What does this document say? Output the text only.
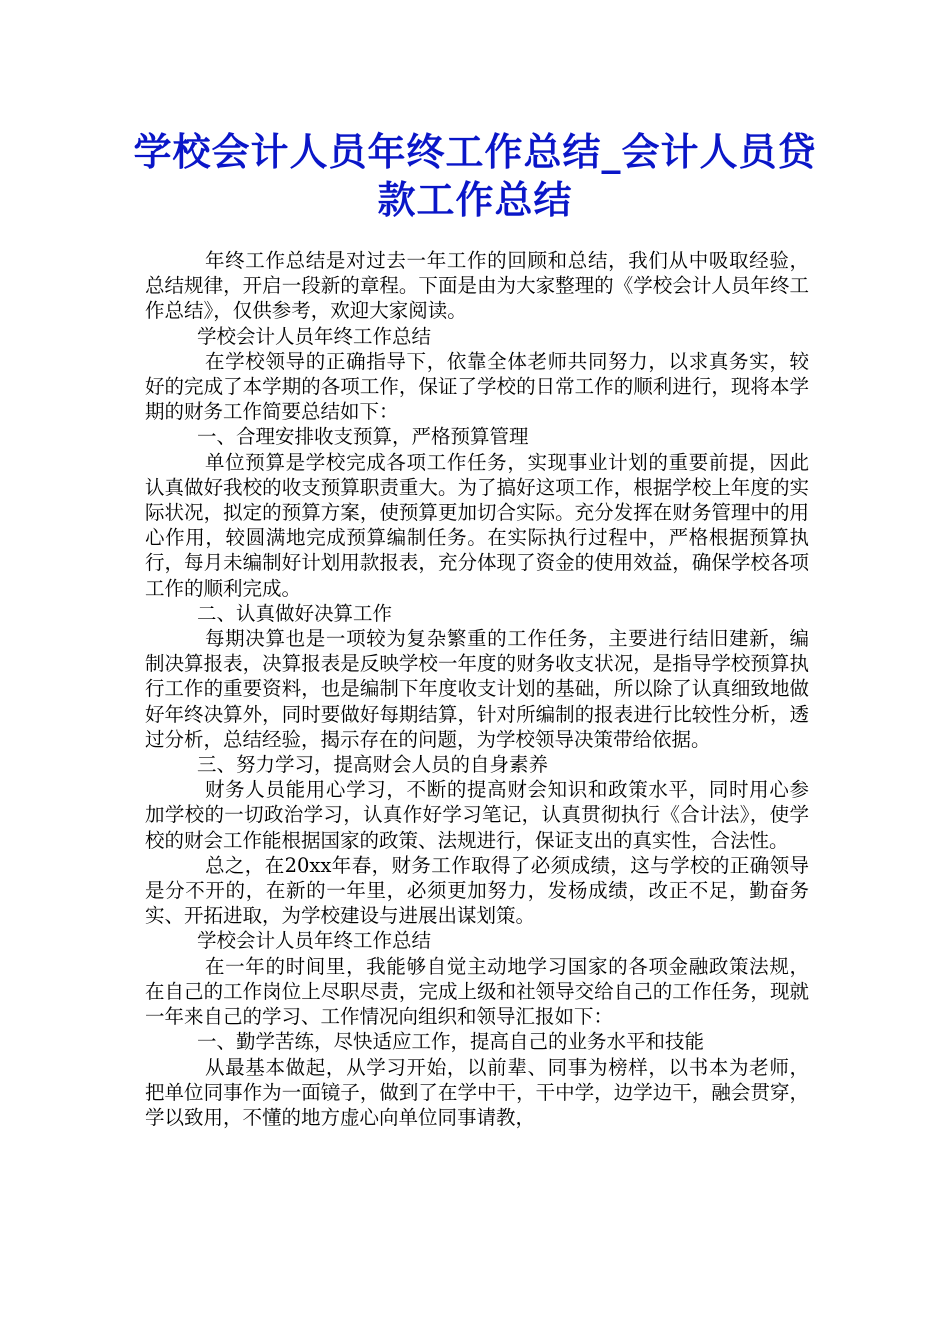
学校会计人员年终工作总结_会计人员贷款工作总结

年终工作总结是对过去一年工作的回顾和总结，我们从中吸取经验，总结规律，开启一段新的章程。下面是由为大家整理的《学校会计人员年终工作总结》，仅供参考，欢迎大家阅读。

学校会计人员年终工作总结

在学校领导的正确指导下，依靠全体老师共同努力，以求真务实，较好的完成了本学期的各项工作，保证了学校的日常工作的顺利进行，现将本学期的财务工作简要总结如下：

一、合理安排收支预算，严格预算管理

单位预算是学校完成各项工作任务，实现事业计划的重要前提，因此认真做好我校的收支预算职责重大。为了搞好这项工作，根据学校上年度的实际状况，拟定的预算方案，使预算更加切合实际。充分发挥在财务管理中的用心作用，较圆满地完成预算编制任务。在实际执行过程中，严格根据预算执行，每月未编制好计划用款报表，充分体现了资金的使用效益，确保学校各项工作的顺利完成。

二、认真做好决算工作

每期决算也是一项较为复杂繁重的工作任务，主要进行结旧建新，编制决算报表，决算报表是反映学校一年度的财务收支状况，是指导学校预算执行工作的重要资料，也是编制下年度收支计划的基础，所以除了认真细致地做好年终决算外，同时要做好每期结算，针对所编制的报表进行比较性分析，透过分析，总结经验，揭示存在的问题，为学校领导决策带给依据。

三、努力学习，提高财会人员的自身素养

财务人员能用心学习，不断的提高财会知识和政策水平，同时用心参加学校的一切政治学习，认真作好学习笔记，认真贯彻执行《合计法》，使学校的财会工作能根据国家的政策、法规进行，保证支出的真实性，合法性。

总之，在20xx年春，财务工作取得了必须成绩，这与学校的正确领导是分不开的，在新的一年里，必须更加努力，发杨成绩，改正不足，勤奋务实、开拓进取，为学校建设与进展出谋划策。

学校会计人员年终工作总结

在一年的时间里，我能够自觉主动地学习国家的各项金融政策法规，在自己的工作岗位上尽职尽责，完成上级和社领导交给自己的工作任务，现就一年来自己的学习、工作情况向组织和领导汇报如下：

一、勤学苦练，尽快适应工作，提高自己的业务水平和技能

从最基本做起，从学习开始，以前辈、同事为榜样，以书本为老师，把单位同事作为一面镜子，做到了在学中干，干中学，边学边干，融会贯穿，学以致用，不懂的地方虚心向单位同事请教，
